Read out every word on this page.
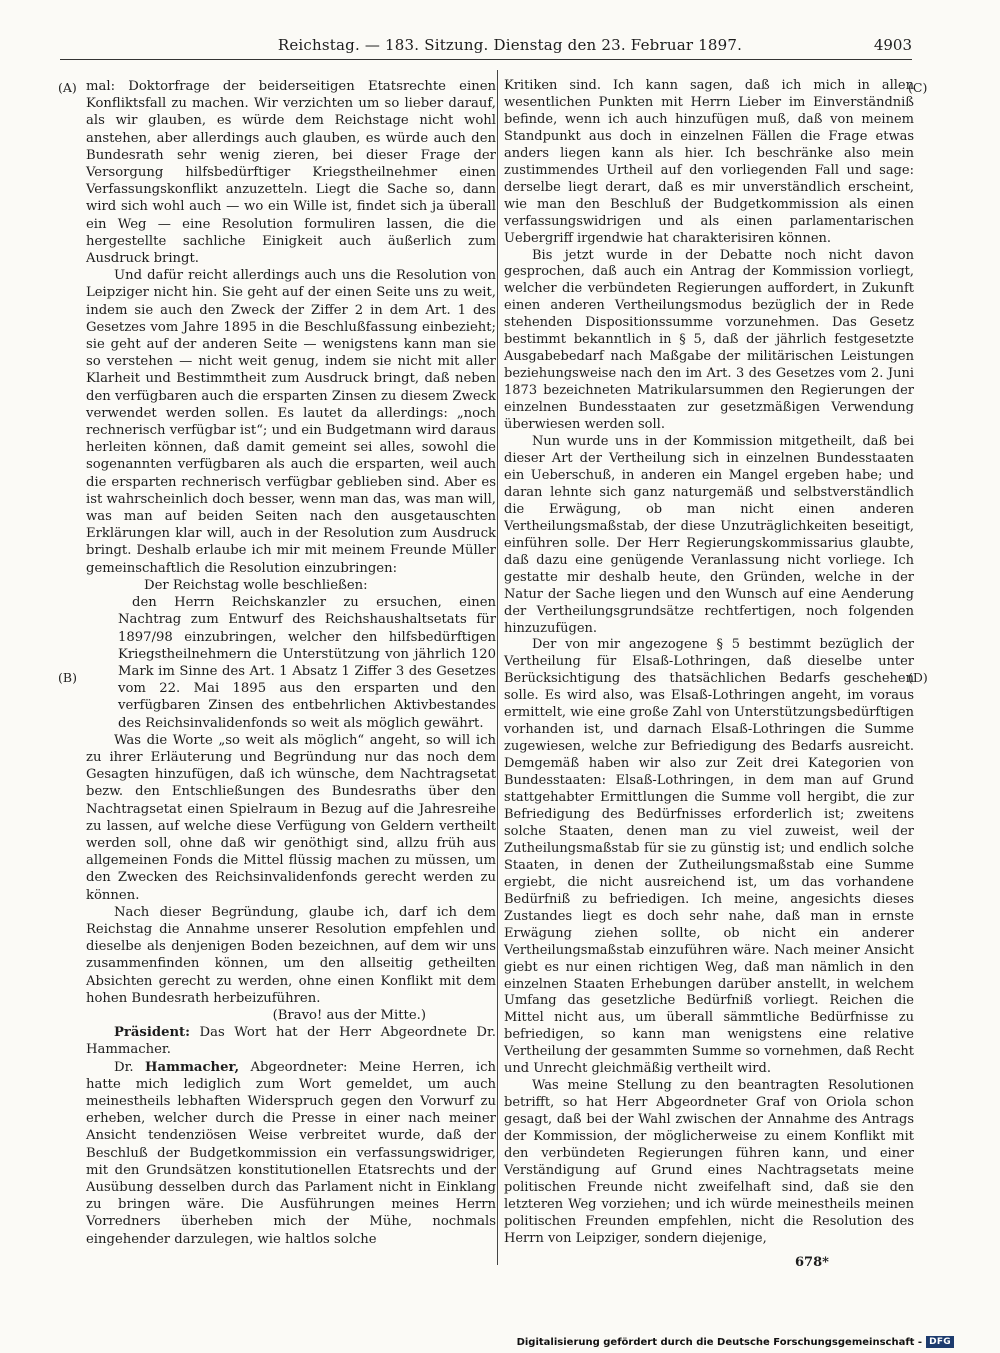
Reichstag. — 183. Sitzung. Dienstag den 23. Februar 1897.	4903
(A)
(B)
(C)
(D)

mal: Doktorfrage der beiderseitigen Etatsrechte einen Konfliktsfall zu machen. Wir verzichten um so lieber darauf, als wir glauben, es würde dem Reichstage nicht wohl anstehen, aber allerdings auch glauben, es würde auch den Bundesrath sehr wenig zieren, bei dieser Frage der Versorgung hilfsbedürftiger Kriegstheilnehmer einen Verfassungskonflikt anzuzetteln. Liegt die Sache so, dann wird sich wohl auch — wo ein Wille ist, findet sich ja überall ein Weg — eine Resolution formuliren lassen, die die hergestellte sachliche Einigkeit auch äußerlich zum Ausdruck bringt.

Und dafür reicht allerdings auch uns die Resolution von Leipziger nicht hin. Sie geht auf der einen Seite uns zu weit, indem sie auch den Zweck der Ziffer 2 in dem Art. 1 des Gesetzes vom Jahre 1895 in die Beschlußfassung einbezieht; sie geht auf der anderen Seite — wenigstens kann man sie so verstehen — nicht weit genug, indem sie nicht mit aller Klarheit und Bestimmtheit zum Ausdruck bringt, daß neben den verfügbaren auch die ersparten Zinsen zu diesem Zweck verwendet werden sollen. Es lautet da allerdings: „noch rechnerisch verfügbar ist“; und ein Budgetmann wird daraus herleiten können, daß damit gemeint sei alles, sowohl die sogenannten verfügbaren als auch die ersparten, weil auch die ersparten rechnerisch verfügbar geblieben sind. Aber es ist wahrscheinlich doch besser, wenn man das, was man will, was man auf beiden Seiten nach den ausgetauschten Erklärungen klar will, auch in der Resolution zum Ausdruck bringt. Deshalb erlaube ich mir mit meinem Freunde Müller gemeinschaftlich die Resolution einzubringen:

Der Reichstag wolle beschließen:

den Herrn Reichskanzler zu ersuchen, einen Nachtrag zum Entwurf des Reichshaushaltsetats für 1897/98 einzubringen, welcher den hilfsbedürftigen Kriegstheilnehmern die Unterstützung von jährlich 120 Mark im Sinne des Art. 1 Absatz 1 Ziffer 3 des Gesetzes vom 22. Mai 1895 aus den ersparten und den verfügbaren Zinsen des entbehrlichen Aktivbestandes des Reichsinvalidenfonds so weit als möglich gewährt.

Was die Worte „so weit als möglich“ angeht, so will ich zu ihrer Erläuterung und Begründung nur das noch dem Gesagten hinzufügen, daß ich wünsche, dem Nachtragsetat bezw. den Entschließungen des Bundesraths über den Nachtragsetat einen Spielraum in Bezug auf die Jahresreihe zu lassen, auf welche diese Verfügung von Geldern vertheilt werden soll, ohne daß wir genöthigt sind, allzu früh aus allgemeinen Fonds die Mittel flüssig machen zu müssen, um den Zwecken des Reichsinvalidenfonds gerecht werden zu können.

Nach dieser Begründung, glaube ich, darf ich dem Reichstag die Annahme unserer Resolution empfehlen und dieselbe als denjenigen Boden bezeichnen, auf dem wir uns zusammenfinden können, um den allseitig getheilten Absichten gerecht zu werden, ohne einen Konflikt mit dem hohen Bundesrath herbeizuführen.

(Bravo! aus der Mitte.)

Präsident: Das Wort hat der Herr Abgeordnete Dr. Hammacher.

Dr. Hammacher, Abgeordneter: Meine Herren, ich hatte mich lediglich zum Wort gemeldet, um auch meinestheils lebhaften Widerspruch gegen den Vorwurf zu erheben, welcher durch die Presse in einer nach meiner Ansicht tendenziösen Weise verbreitet wurde, daß der Beschluß der Budgetkommission ein verfassungswidriger, mit den Grundsätzen konstitutionellen Etatsrechts und der Ausübung desselben durch das Parlament nicht in Einklang zu bringen wäre. Die Ausführungen meines Herrn Vorredners überheben mich der Mühe, nochmals eingehender darzulegen, wie haltlos solche

Kritiken sind. Ich kann sagen, daß ich mich in allen wesentlichen Punkten mit Herrn Lieber im Einverständniß befinde, wenn ich auch hinzufügen muß, daß von meinem Standpunkt aus doch in einzelnen Fällen die Frage etwas anders liegen kann als hier. Ich beschränke also mein zustimmendes Urtheil auf den vorliegenden Fall und sage: derselbe liegt derart, daß es mir unverständlich erscheint, wie man den Beschluß der Budgetkommission als einen verfassungswidrigen und als einen parlamentarischen Uebergriff irgendwie hat charakterisiren können.

Bis jetzt wurde in der Debatte noch nicht davon gesprochen, daß auch ein Antrag der Kommission vorliegt, welcher die verbündeten Regierungen auffordert, in Zukunft einen anderen Vertheilungsmodus bezüglich der in Rede stehenden Dispositionssumme vorzunehmen. Das Gesetz bestimmt bekanntlich in § 5, daß der jährlich festgesetzte Ausgabebedarf nach Maßgabe der militärischen Leistungen beziehungsweise nach den im Art. 3 des Gesetzes vom 2. Juni 1873 bezeichneten Matrikularsummen den Regierungen der einzelnen Bundesstaaten zur gesetzmäßigen Verwendung überwiesen werden soll.

Nun wurde uns in der Kommission mitgetheilt, daß bei dieser Art der Vertheilung sich in einzelnen Bundesstaaten ein Ueberschuß, in anderen ein Mangel ergeben habe; und daran lehnte sich ganz naturgemäß und selbstverständlich die Erwägung, ob man nicht einen anderen Vertheilungsmaßstab, der diese Unzuträglichkeiten beseitigt, einführen solle. Der Herr Regierungskommissarius glaubte, daß dazu eine genügende Veranlassung nicht vorliege. Ich gestatte mir deshalb heute, den Gründen, welche in der Natur der Sache liegen und den Wunsch auf eine Aenderung der Vertheilungsgrundsätze rechtfertigen, noch folgenden hinzuzufügen.

Der von mir angezogene § 5 bestimmt bezüglich der Vertheilung für Elsaß-Lothringen, daß dieselbe unter Berücksichtigung des thatsächlichen Bedarfs geschehen solle. Es wird also, was Elsaß-Lothringen angeht, im voraus ermittelt, wie eine große Zahl von Unterstützungsbedürftigen vorhanden ist, und darnach Elsaß-Lothringen die Summe zugewiesen, welche zur Befriedigung des Bedarfs ausreicht. Demgemäß haben wir also zur Zeit drei Kategorien von Bundesstaaten: Elsaß-Lothringen, in dem man auf Grund stattgehabter Ermittlungen die Summe voll hergibt, die zur Befriedigung des Bedürfnisses erforderlich ist; zweitens solche Staaten, denen man zu viel zuweist, weil der Zutheilungsmaßstab für sie zu günstig ist; und endlich solche Staaten, in denen der Zutheilungsmaßstab eine Summe ergiebt, die nicht ausreichend ist, um das vorhandene Bedürfniß zu befriedigen. Ich meine, angesichts dieses Zustandes liegt es doch sehr nahe, daß man in ernste Erwägung ziehen sollte, ob nicht ein anderer Vertheilungsmaßstab einzuführen wäre. Nach meiner Ansicht giebt es nur einen richtigen Weg, daß man nämlich in den einzelnen Staaten Erhebungen darüber anstellt, in welchem Umfang das gesetzliche Bedürfniß vorliegt. Reichen die Mittel nicht aus, um überall sämmtliche Bedürfnisse zu befriedigen, so kann man wenigstens eine relative Vertheilung der gesammten Summe so vornehmen, daß Recht und Unrecht gleichmäßig vertheilt wird.

Was meine Stellung zu den beantragten Resolutionen betrifft, so hat Herr Abgeordneter Graf von Oriola schon gesagt, daß bei der Wahl zwischen der Annahme des Antrags der Kommission, der möglicherweise zu einem Konflikt mit den verbündeten Regierungen führen kann, und einer Verständigung auf Grund eines Nachtragsetats meine politischen Freunde nicht zweifelhaft sind, daß sie den letzteren Weg vorziehen; und ich würde meinestheils meinen politischen Freunden empfehlen, nicht die Resolution des Herrn von Leipziger, sondern diejenige,

678*
Digitalisierung gefördert durch die Deutsche Forschungsgemeinschaft - DFG
